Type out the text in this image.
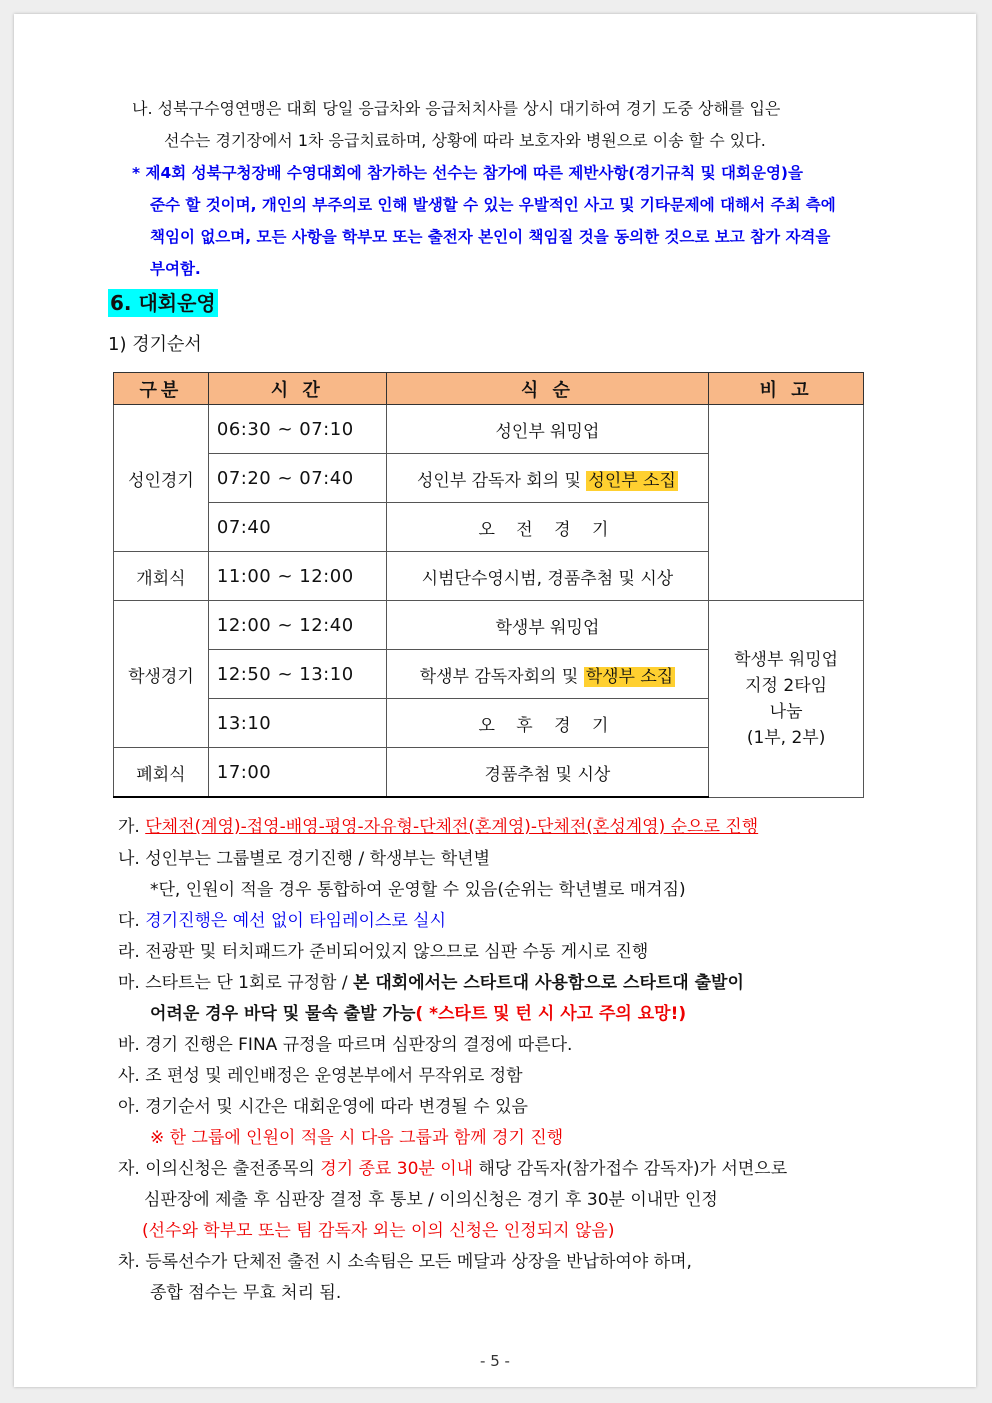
나. 성북구수영연맹은 대회 당일 응급차와 응급처치사를 상시 대기하여 경기 도중 상해를 입은
선수는 경기장에서 1차 응급치료하며, 상황에 따라 보호자와 병원으로 이송 할 수 있다.
* 제4회 성북구청장배 수영대회에 참가하는 선수는 참가에 따른 제반사항(경기규칙 및 대회운영)을
준수 할 것이며, 개인의 부주의로 인해 발생할 수 있는 우발적인 사고 및 기타문제에 대해서 주최 측에
책임이 없으며, 모든 사항을 학부모 또는 출전자 본인이 책임질 것을 동의한 것으로 보고 참가 자격을
부여함.
6. 대회운영
1) 경기순서
구분	시 간	식 순	비 고
성인경기	06:30 ~ 07:10	성인부 워밍업	
	07:20 ~ 07:40	성인부 감독자 회의 및 성인부 소집	
	07:40	오 전 경 기	
개회식	11:00 ~ 12:00	시범단수영시범, 경품추첨 및 시상	
학생경기	12:00 ~ 12:40	학생부 워밍업	학생부 워밍업
지정 2타임
나눔
(1부, 2부)

	12:50 ~ 13:10	학생부 감독자회의 및 학생부 소집	
	13:10	오 후 경 기	
폐회식	17:00	경품추첨 및 시상	
가. 단체전(계영)-접영-배영-평영-자유형-단체전(혼계영)-단체전(혼성계영) 순으로 진행
나. 성인부는 그룹별로 경기진행 / 학생부는 학년별
*단, 인원이 적을 경우 통합하여 운영할 수 있음(순위는 학년별로 매겨짐)
다. 경기진행은 예선 없이 타임레이스로 실시
라. 전광판 및 터치패드가 준비되어있지 않으므로 심판 수동 게시로 진행
마. 스타트는 단 1회로 규정함 / 본 대회에서는 스타트대 사용함으로 스타트대 출발이
어려운 경우 바닥 및 물속 출발 가능( *스타트 및 턴 시 사고 주의 요망!)
바. 경기 진행은 FINA 규정을 따르며 심판장의 결정에 따른다.
사. 조 편성 및 레인배정은 운영본부에서 무작위로 정함
아. 경기순서 및 시간은 대회운영에 따라 변경될 수 있음
※ 한 그룹에 인원이 적을 시 다음 그룹과 함께 경기 진행
자. 이의신청은 출전종목의 경기 종료 30분 이내 해당 감독자(참가접수 감독자)가 서면으로
심판장에 제출 후 심판장 결정 후 통보 / 이의신청은 경기 후 30분 이내만 인정
(선수와 학부모 또는 팀 감독자 외는 이의 신청은 인정되지 않음)
차. 등록선수가 단체전 출전 시 소속팀은 모든 메달과 상장을 반납하여야 하며,
종합 점수는 무효 처리 됨.
- 5 -
